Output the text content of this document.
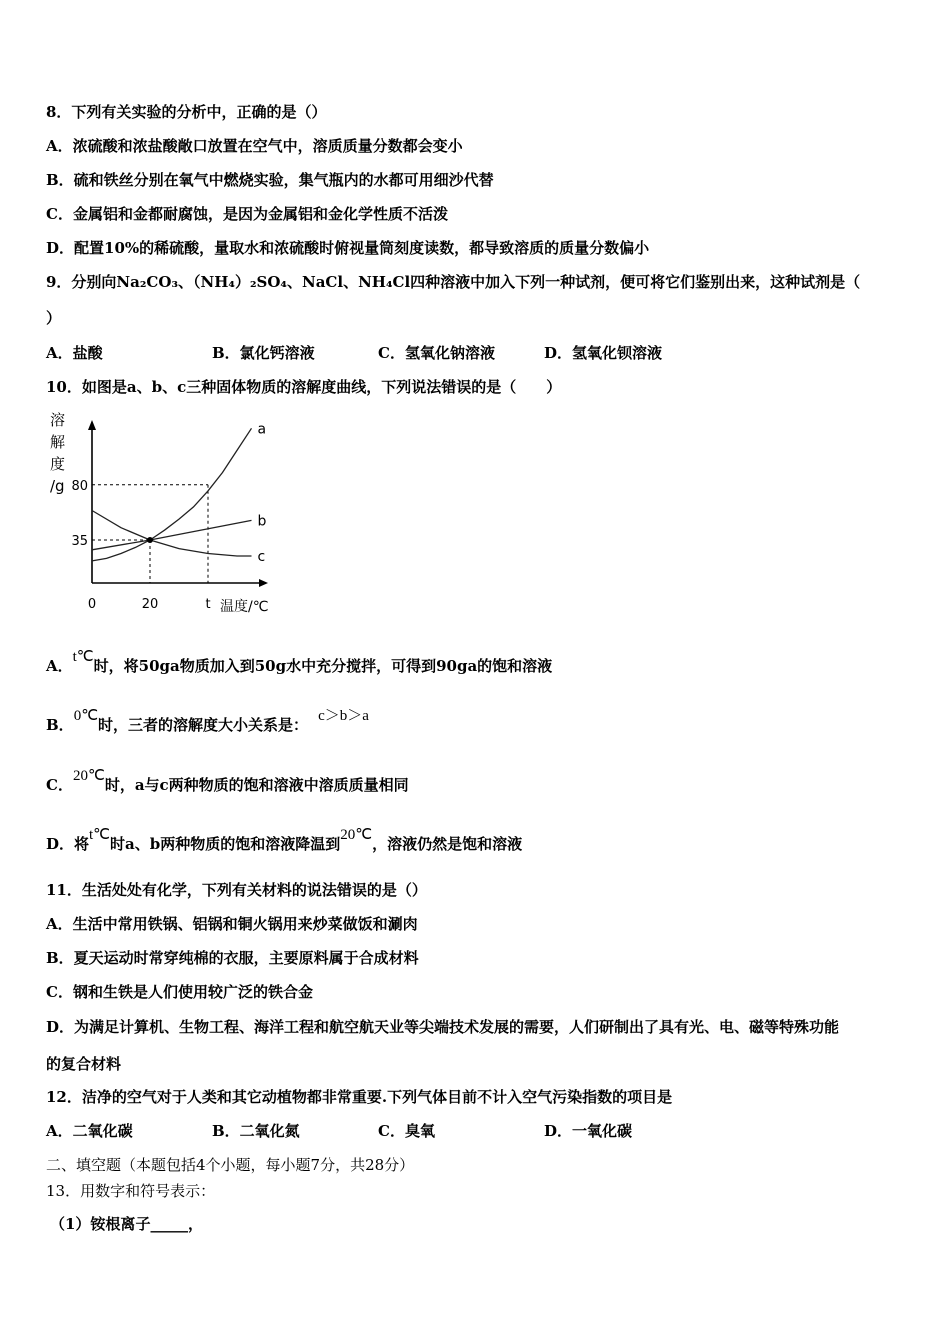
8．下列有关实验的分析中，正确的是（）
A．浓硫酸和浓盐酸敞口放置在空气中，溶质质量分数都会变小
B．硫和铁丝分别在氧气中燃烧实验，集气瓶内的水都可用细沙代替
C．金属铝和金都耐腐蚀，是因为金属铝和金化学性质不活泼
D．配置10%的稀硫酸，量取水和浓硫酸时俯视量筒刻度读数，都导致溶质的质量分数偏小
9．分别向Na₂CO₃、（NH₄）₂SO₄、NaCl、NH₄Cl四种溶液中加入下列一种试剂，便可将它们鉴别出来，这种试剂是（
）
A．盐酸	B．氯化钙溶液	C．氢氧化钠溶液	D．氢氧化钡溶液
10．如图是a、b、c三种固体物质的溶解度曲线，下列说法错误的是（　　）
a
b
c
溶
解
度
/g
35
80
0	20	t 温度/℃
A．t℃时，将50ga物质加入到50g水中充分搅拌，可得到90ga的饱和溶液
B．0℃时，三者的溶解度大小关系是： c＞b＞a
C．20℃时，a与c两种物质的饱和溶液中溶质质量相同
D．将t℃时a、b两种物质的饱和溶液降温到20℃，溶液仍然是饱和溶液
11．生活处处有化学，下列有关材料的说法错误的是（）
A．生活中常用铁锅、铝锅和铜火锅用来炒菜做饭和涮肉
B．夏天运动时常穿纯棉的衣服，主要原料属于合成材料
C．钢和生铁是人们使用较广泛的铁合金
D．为满足计算机、生物工程、海洋工程和航空航天业等尖端技术发展的需要，人们研制出了具有光、电、磁等特殊功能
的复合材料
12．洁净的空气对于人类和其它动植物都非常重要.下列气体目前不计入空气污染指数的项目是
A．二氧化碳	B．二氧化氮	C．臭氧	D．一氧化碳
二、填空题（本题包括4个小题，每小题7分，共28分）
13．用数字和符号表示：
（1）铵根离子_____，
